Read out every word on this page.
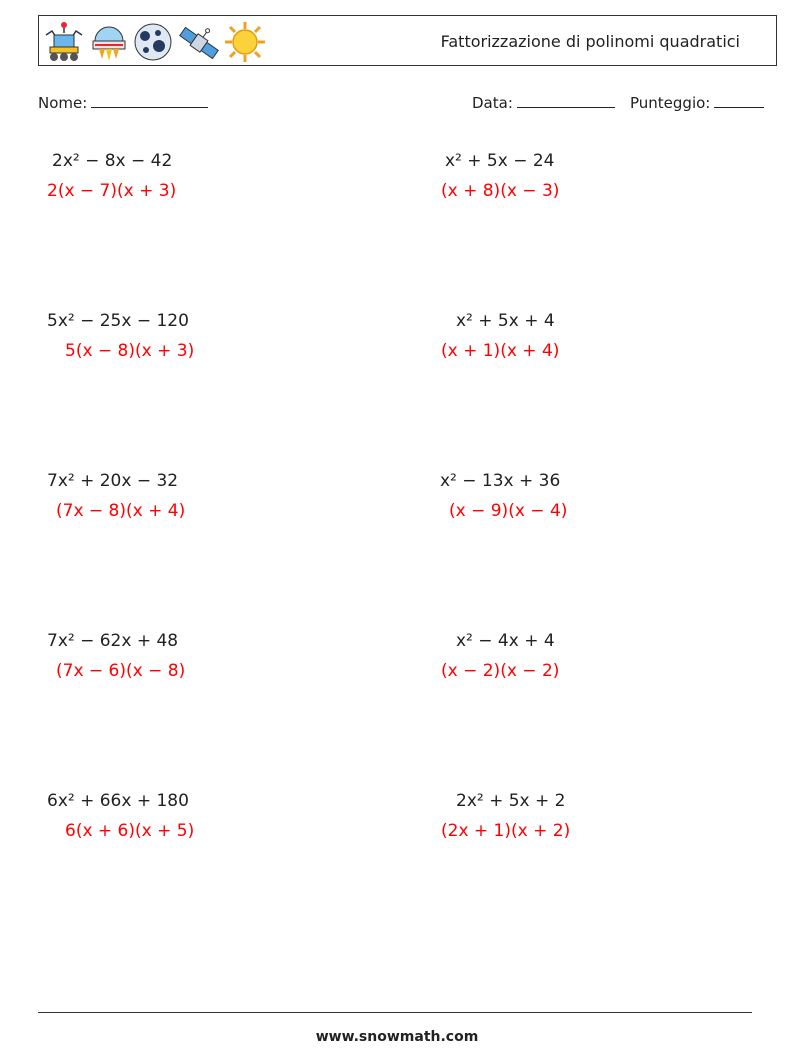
Fattorizzazione di polinomi quadratici
Nome:	Data:	Punteggio:
2x² − 8x − 42
2(x − 7)(x + 3)
x² + 5x − 24
(x + 8)(x − 3)
5x² − 25x − 120
5(x − 8)(x + 3)
x² + 5x + 4
(x + 1)(x + 4)
7x² + 20x − 32
(7x − 8)(x + 4)
x² − 13x + 36
(x − 9)(x − 4)
7x² − 62x + 48
(7x − 6)(x − 8)
x² − 4x + 4
(x − 2)(x − 2)
6x² + 66x + 180
6(x + 6)(x + 5)
2x² + 5x + 2
(2x + 1)(x + 2)
www.snowmath.com
